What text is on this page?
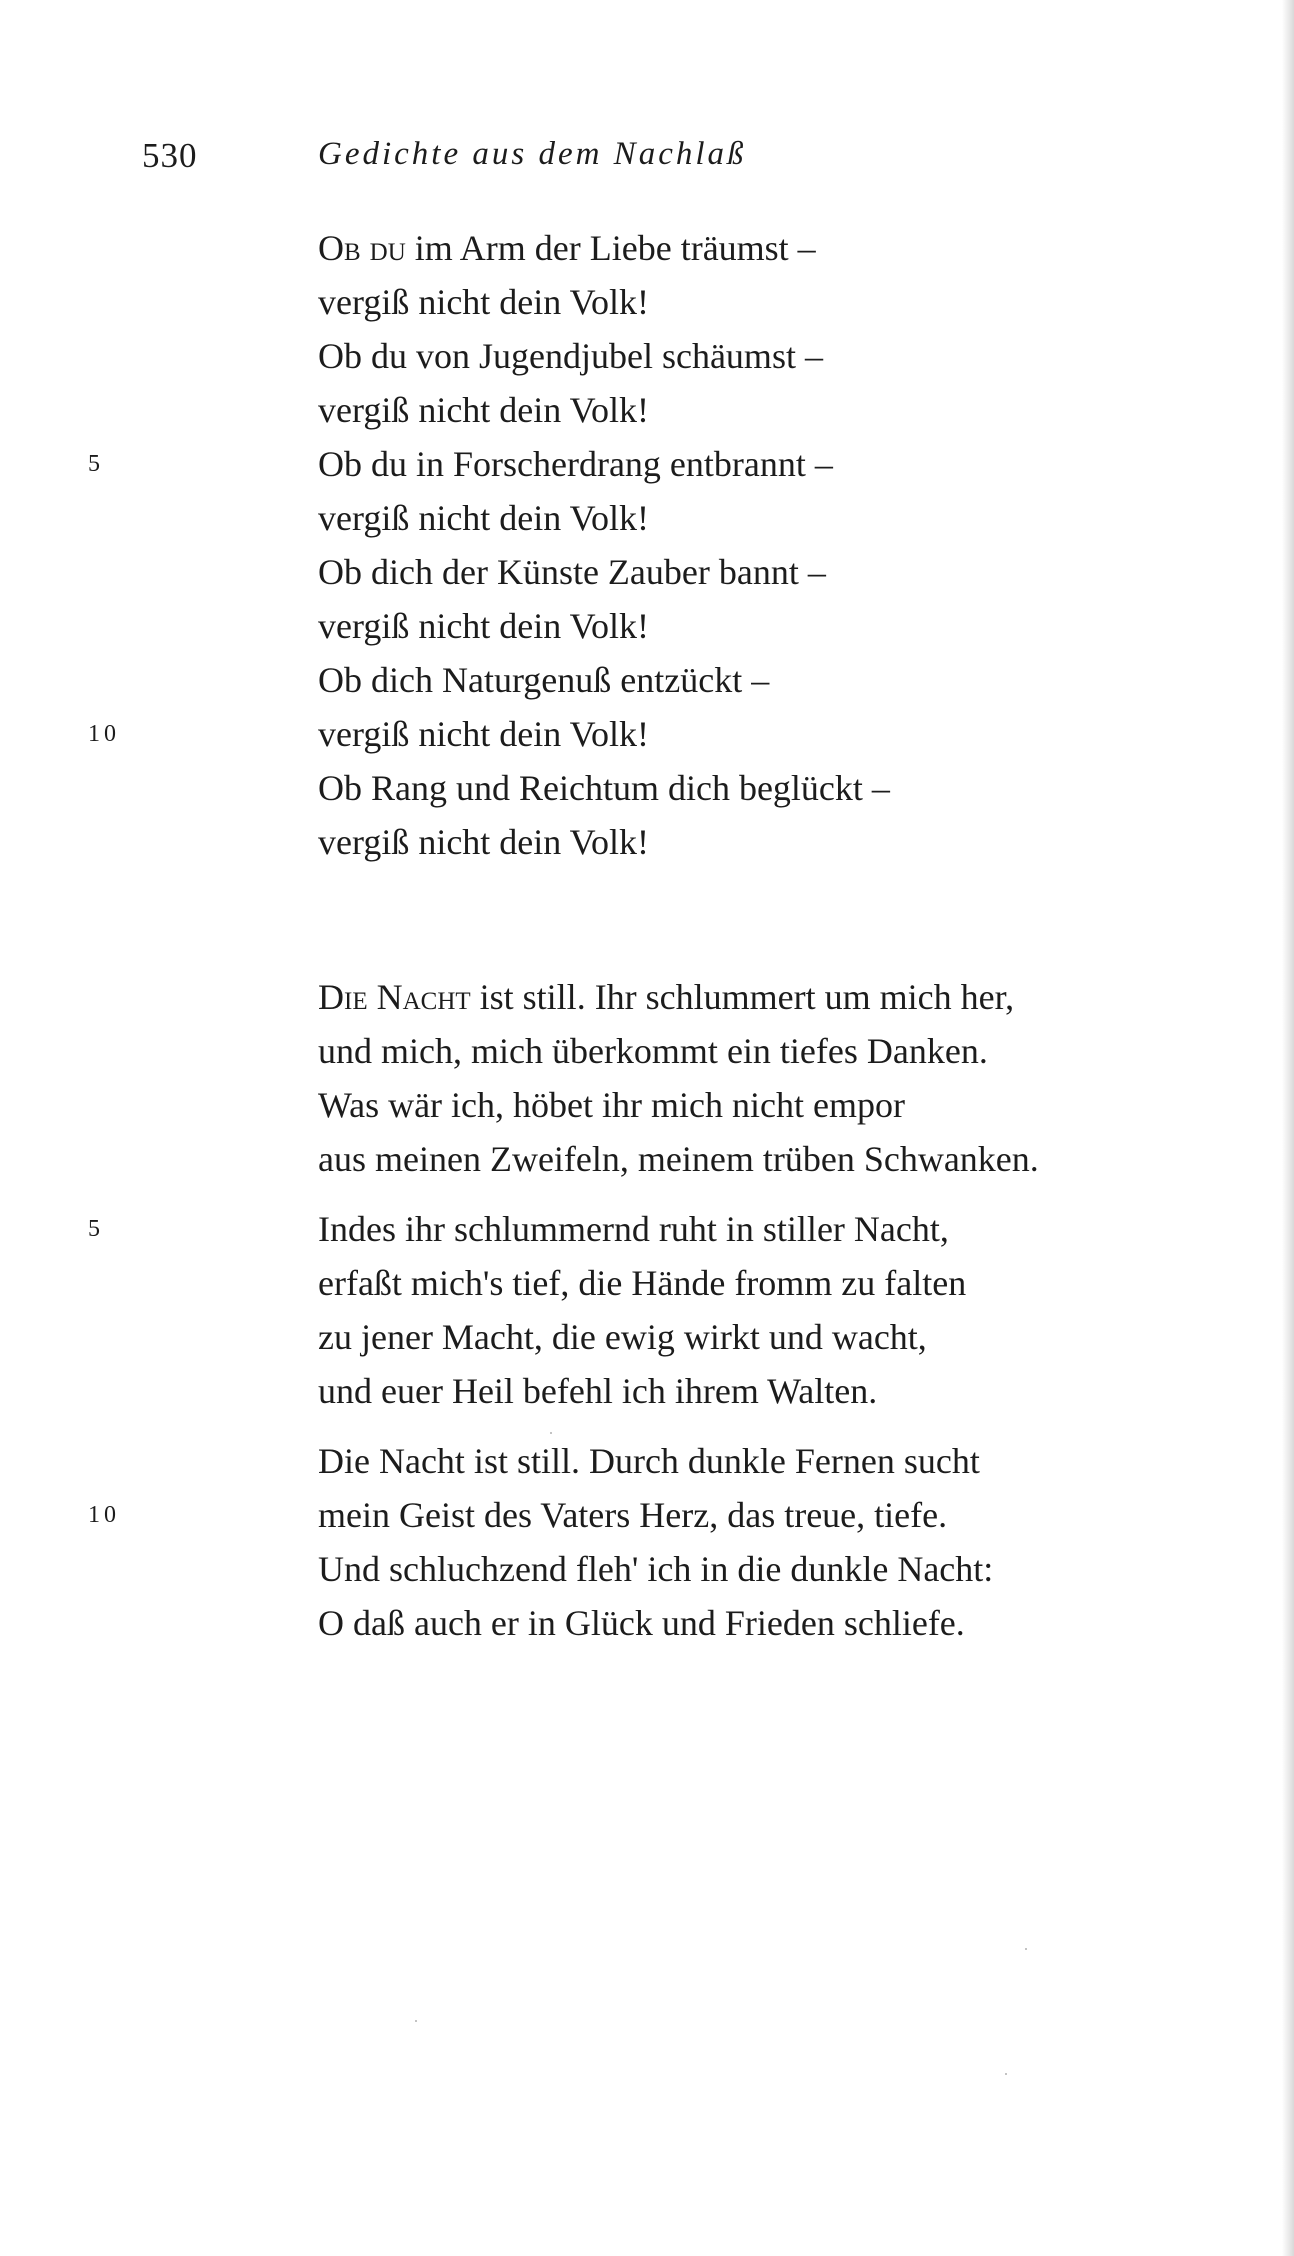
530	Gedichte aus dem Nachlaß
Ob du im Arm der Liebe träumst –
vergiß nicht dein Volk!
Ob du von Jugendjubel schäumst –
vergiß nicht dein Volk!
5	Ob du in Forscherdrang entbrannt –
vergiß nicht dein Volk!
Ob dich der Künste Zauber bannt –
vergiß nicht dein Volk!
Ob dich Naturgenuß entzückt –
10	vergiß nicht dein Volk!
Ob Rang und Reichtum dich beglückt –
vergiß nicht dein Volk!
Die Nacht ist still. Ihr schlummert um mich her,
und mich, mich überkommt ein tiefes Danken.
Was wär ich, höbet ihr mich nicht empor
aus meinen Zweifeln, meinem trüben Schwanken.
5	Indes ihr schlummernd ruht in stiller Nacht,
erfaßt mich's tief, die Hände fromm zu falten
zu jener Macht, die ewig wirkt und wacht,
und euer Heil befehl ich ihrem Walten.
Die Nacht ist still. Durch dunkle Fernen sucht
10	mein Geist des Vaters Herz, das treue, tiefe.
Und schluchzend fleh' ich in die dunkle Nacht:
O daß auch er in Glück und Frieden schliefe.
